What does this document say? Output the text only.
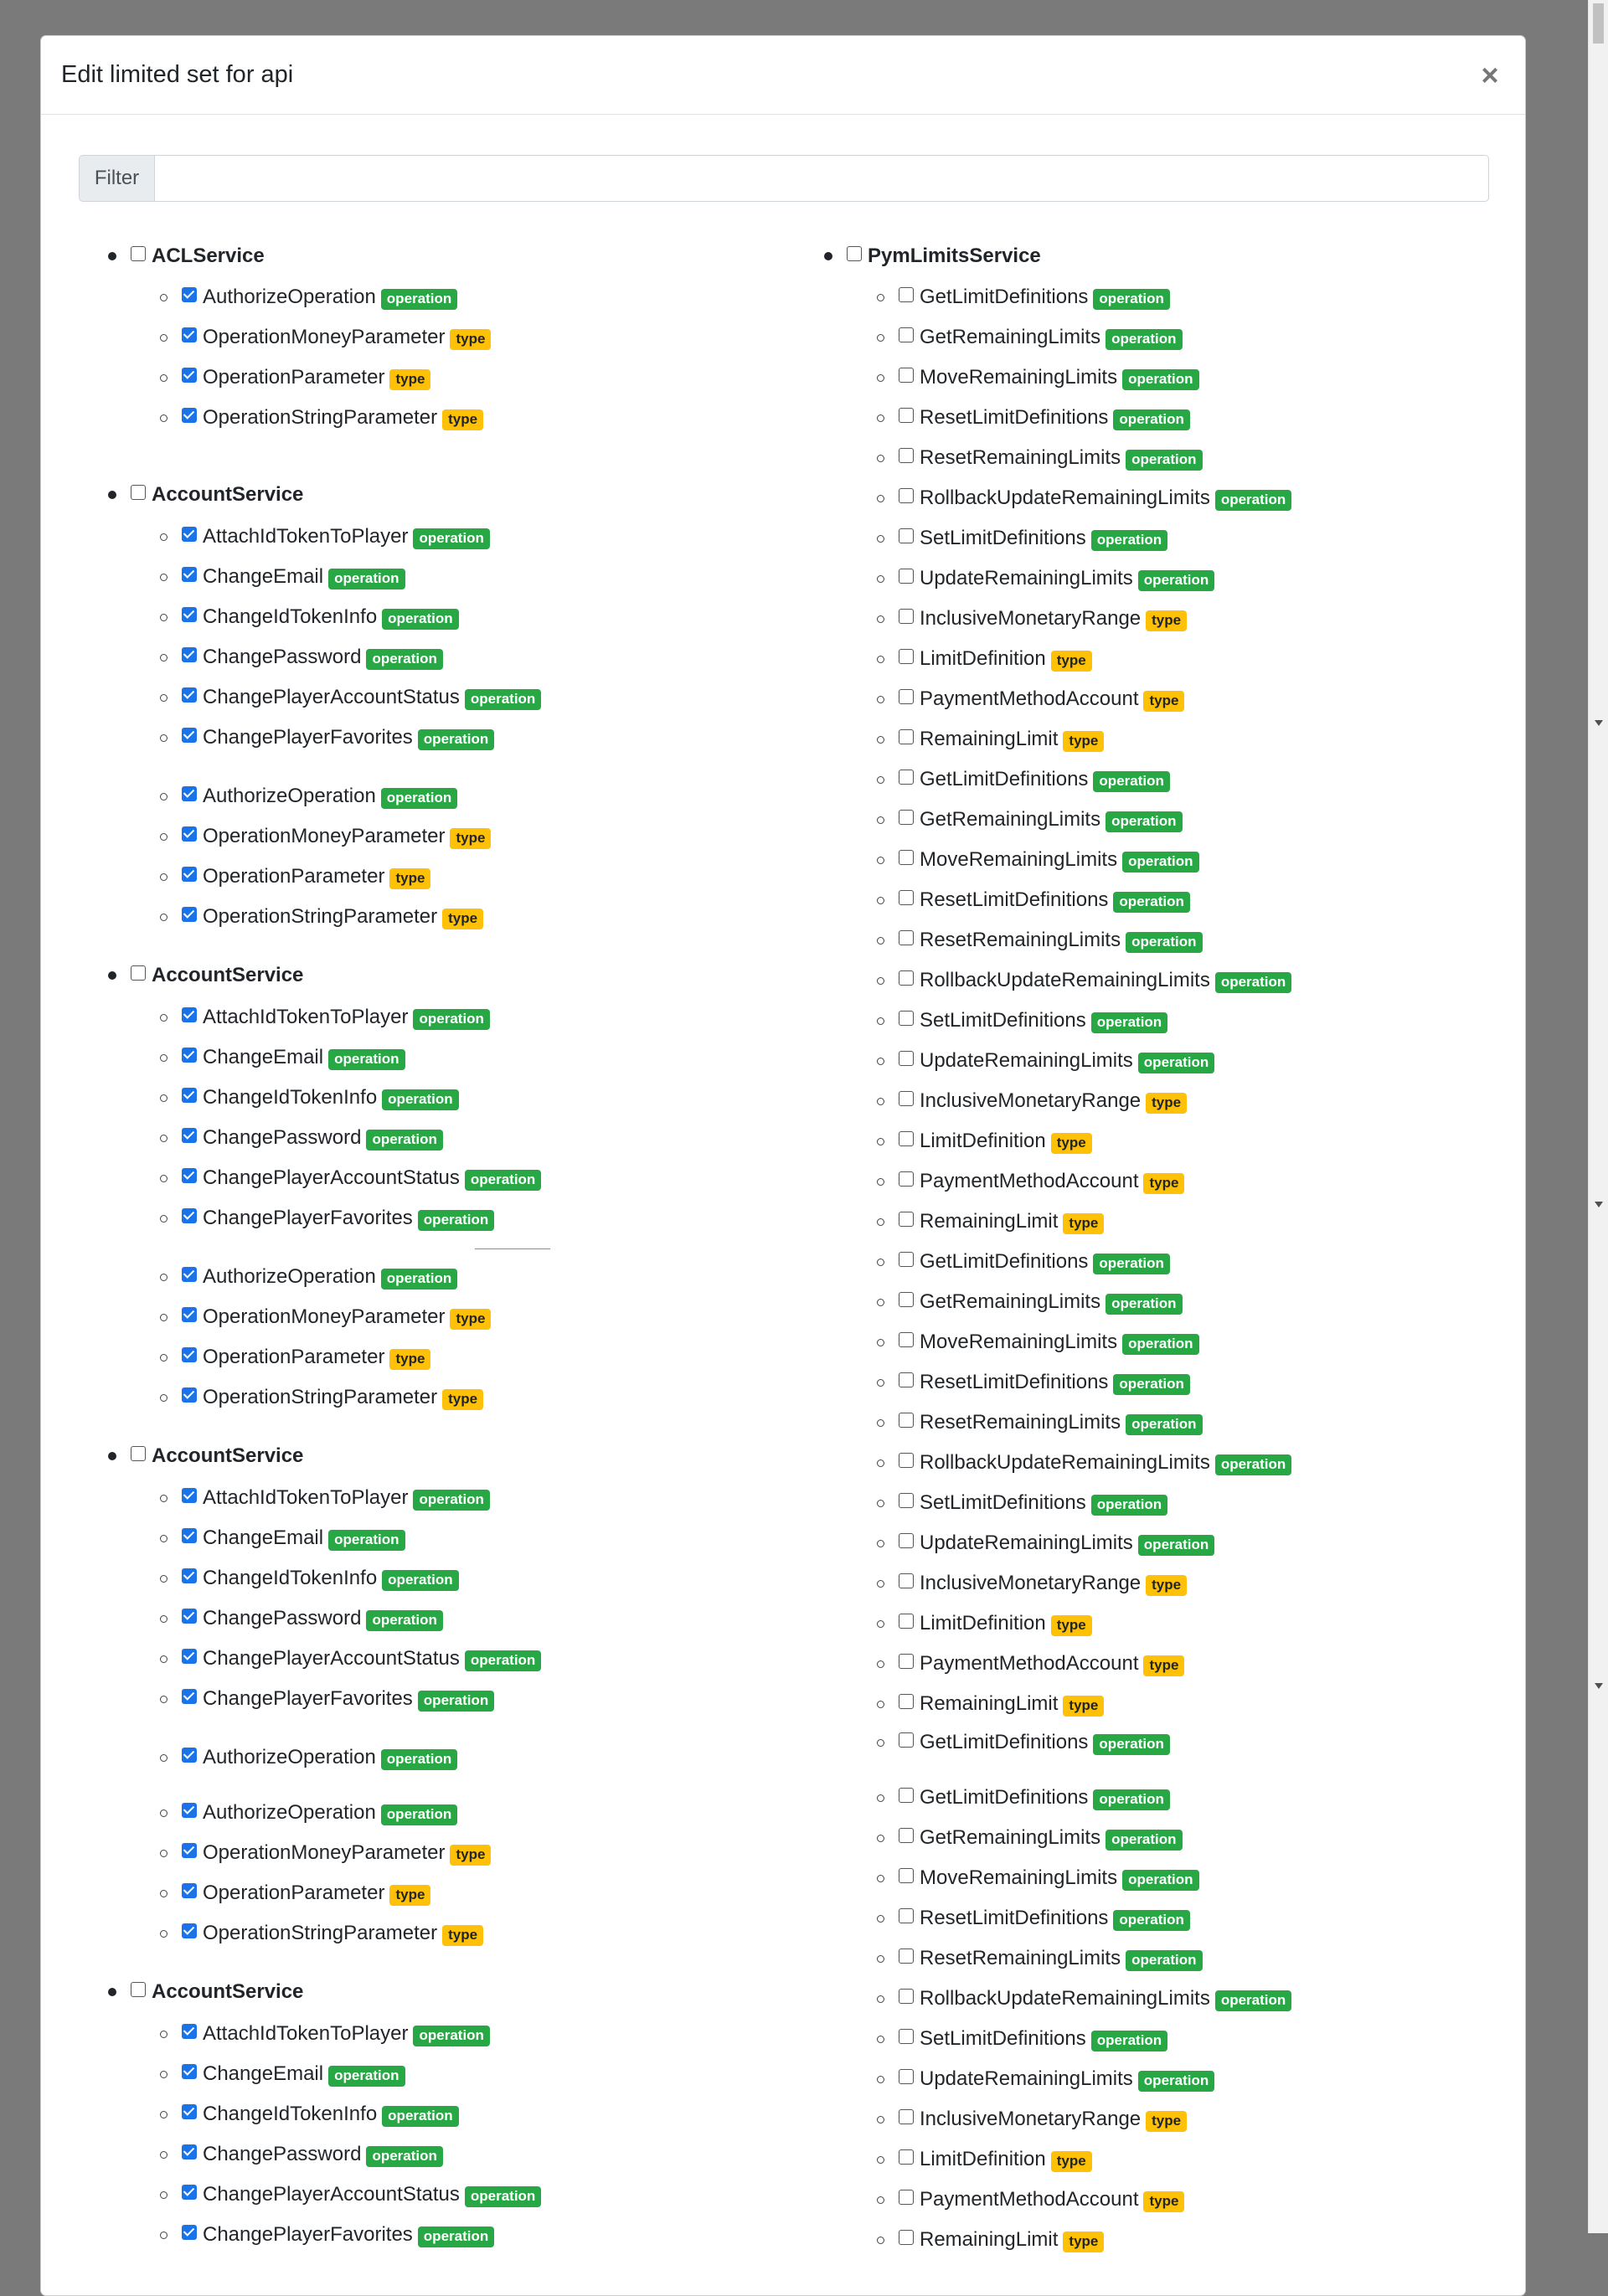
Edit limited set for api	×
Filter
ACLService
AuthorizeOperation operation
OperationMoneyParameter type
OperationParameter type
OperationStringParameter type
AccountService
AttachIdTokenToPlayer operation
ChangeEmail operation
ChangeIdTokenInfo operation
ChangePassword operation
ChangePlayerAccountStatus operation
ChangePlayerFavorites operation
AuthorizeOperation operation
OperationMoneyParameter type
OperationParameter type
OperationStringParameter type
AccountService
AttachIdTokenToPlayer operation
ChangeEmail operation
ChangeIdTokenInfo operation
ChangePassword operation
ChangePlayerAccountStatus operation
ChangePlayerFavorites operation
AuthorizeOperation operation
OperationMoneyParameter type
OperationParameter type
OperationStringParameter type
AccountService
AttachIdTokenToPlayer operation
ChangeEmail operation
ChangeIdTokenInfo operation
ChangePassword operation
ChangePlayerAccountStatus operation
ChangePlayerFavorites operation
AuthorizeOperation operation
AuthorizeOperation operation
OperationMoneyParameter type
OperationParameter type
OperationStringParameter type
AccountService
AttachIdTokenToPlayer operation
ChangeEmail operation
ChangeIdTokenInfo operation
ChangePassword operation
ChangePlayerAccountStatus operation
ChangePlayerFavorites operation
PymLimitsService
GetLimitDefinitions operation
GetRemainingLimits operation
MoveRemainingLimits operation
ResetLimitDefinitions operation
ResetRemainingLimits operation
RollbackUpdateRemainingLimits operation
SetLimitDefinitions operation
UpdateRemainingLimits operation
InclusiveMonetaryRange type
LimitDefinition type
PaymentMethodAccount type
RemainingLimit type
GetLimitDefinitions operation
GetRemainingLimits operation
MoveRemainingLimits operation
ResetLimitDefinitions operation
ResetRemainingLimits operation
RollbackUpdateRemainingLimits operation
SetLimitDefinitions operation
UpdateRemainingLimits operation
InclusiveMonetaryRange type
LimitDefinition type
PaymentMethodAccount type
RemainingLimit type
GetLimitDefinitions operation
GetRemainingLimits operation
MoveRemainingLimits operation
ResetLimitDefinitions operation
ResetRemainingLimits operation
RollbackUpdateRemainingLimits operation
SetLimitDefinitions operation
UpdateRemainingLimits operation
InclusiveMonetaryRange type
LimitDefinition type
PaymentMethodAccount type
RemainingLimit type
GetLimitDefinitions operation
GetLimitDefinitions operation
GetRemainingLimits operation
MoveRemainingLimits operation
ResetLimitDefinitions operation
ResetRemainingLimits operation
RollbackUpdateRemainingLimits operation
SetLimitDefinitions operation
UpdateRemainingLimits operation
InclusiveMonetaryRange type
LimitDefinition type
PaymentMethodAccount type
RemainingLimit type
